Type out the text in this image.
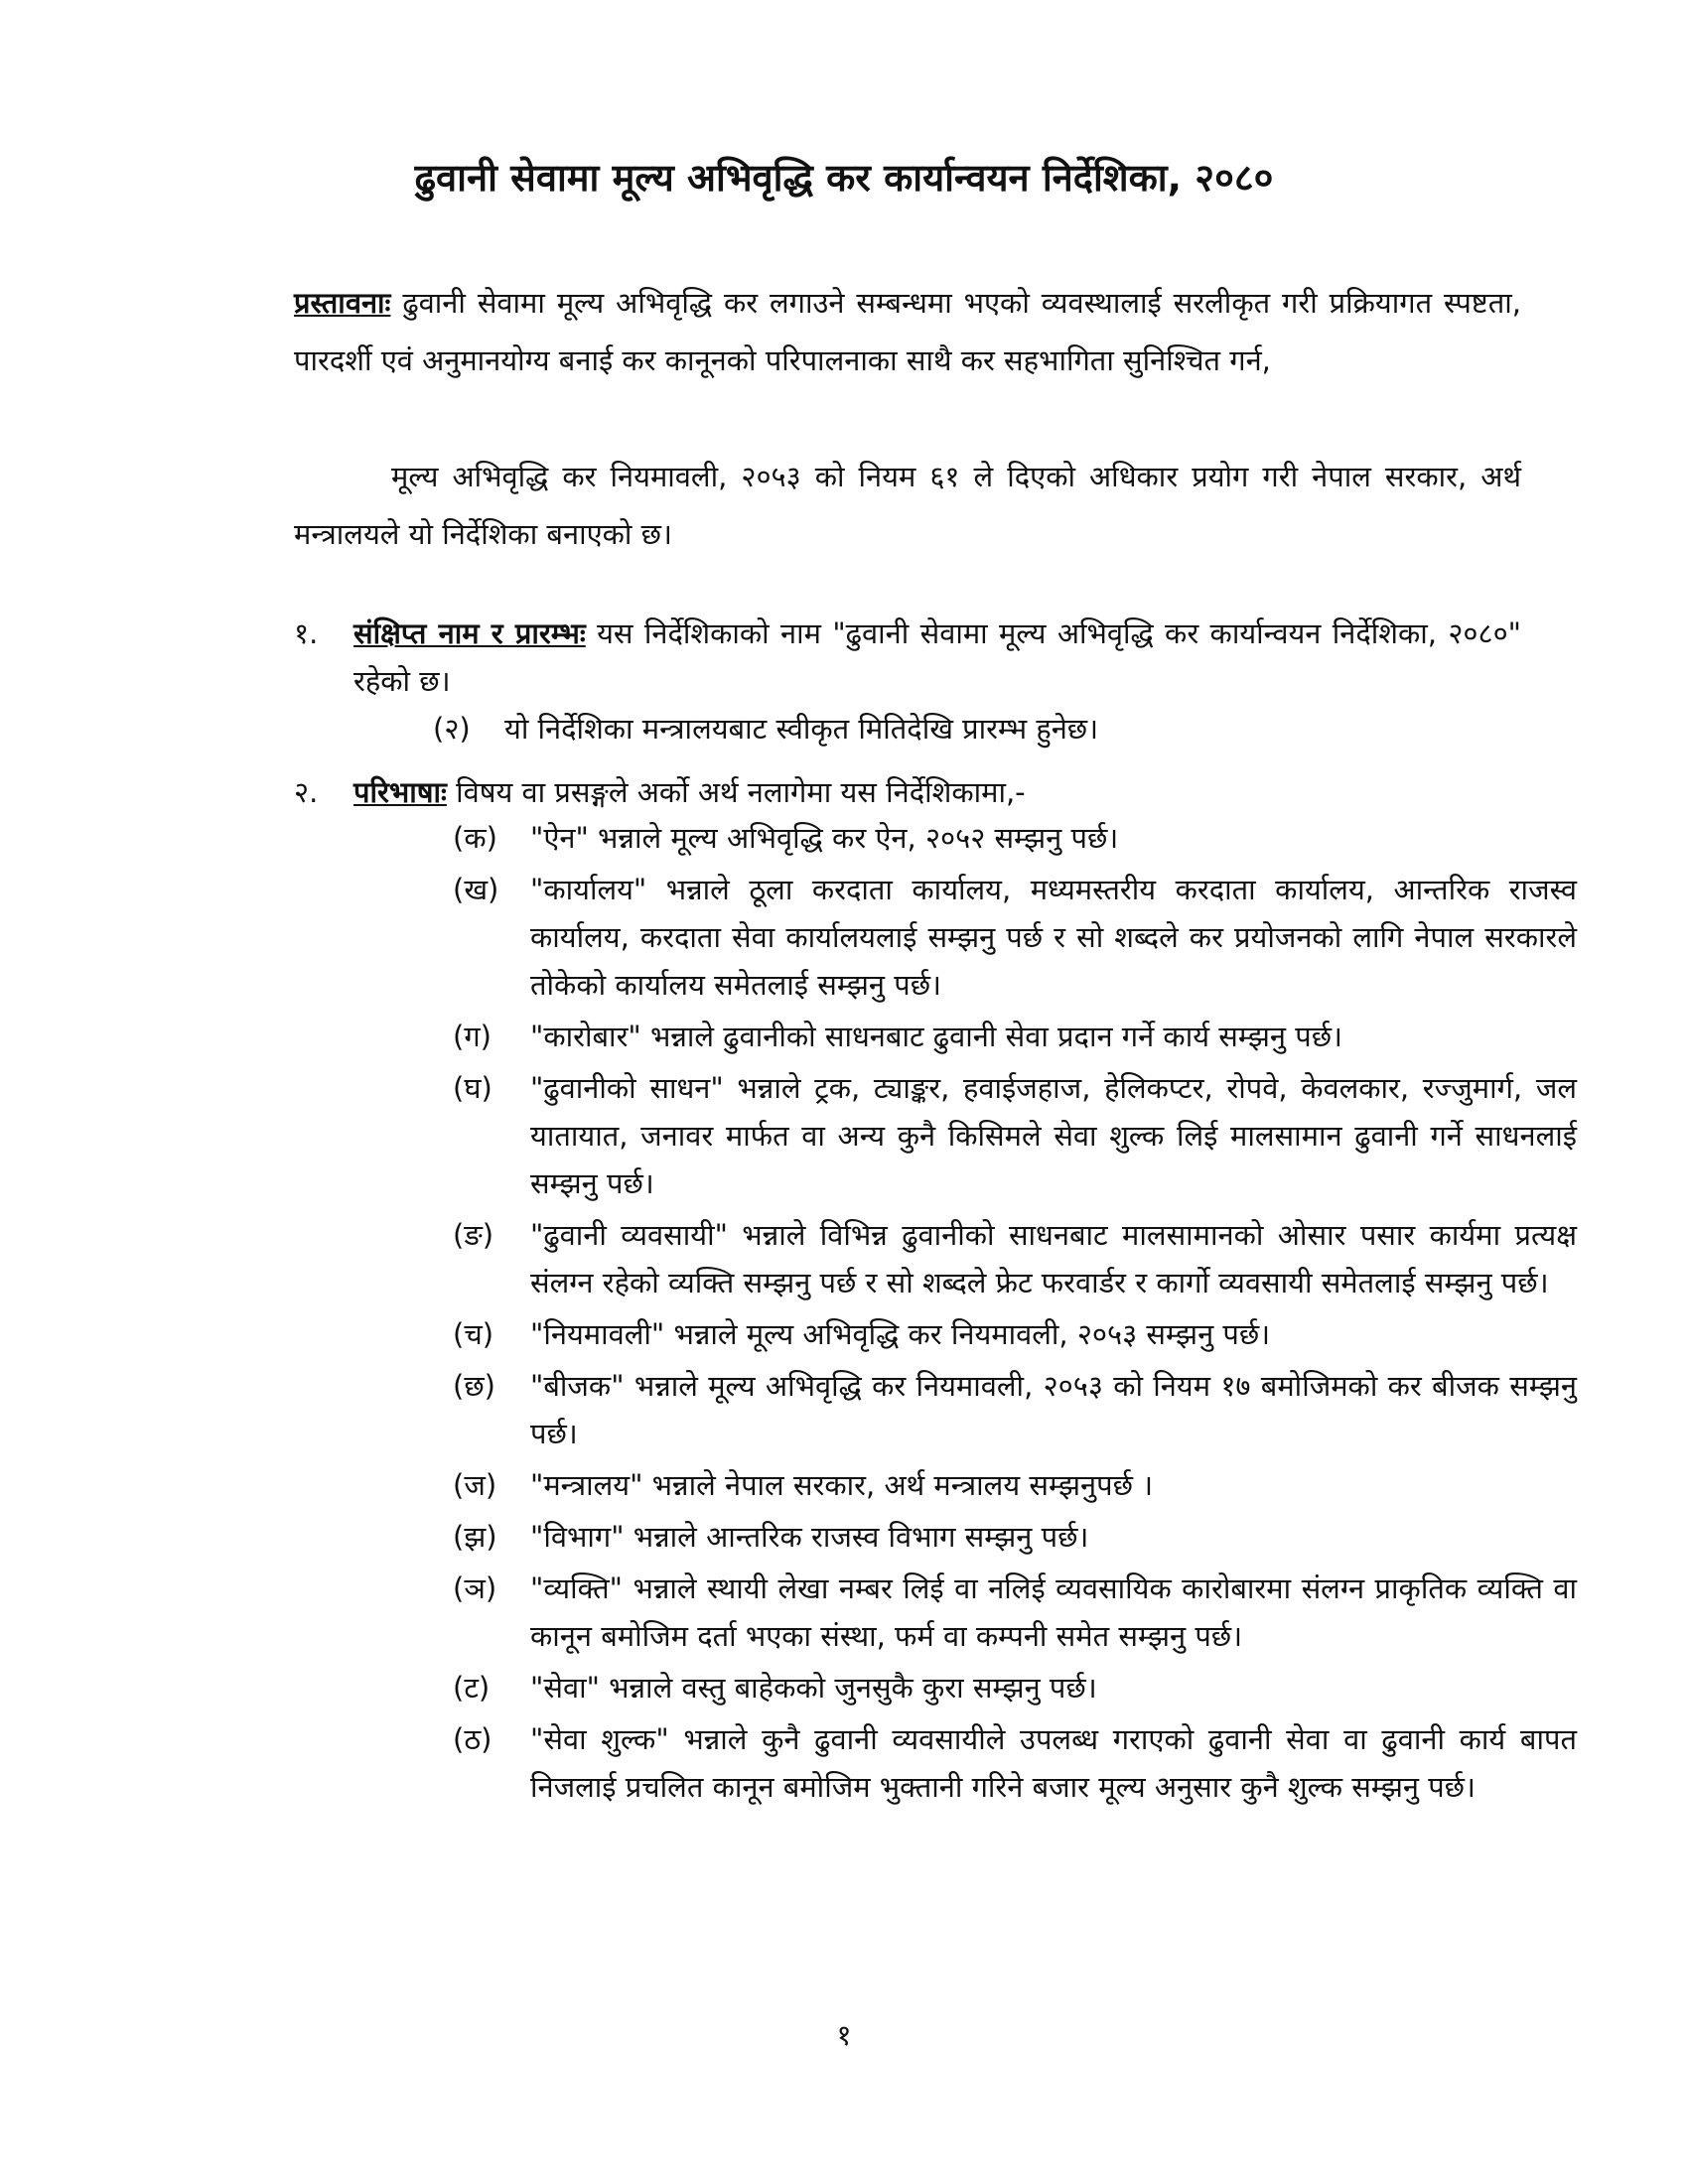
ढुवानी सेवामा मूल्य अभिवृद्धि कर कार्यान्वयन निर्देशिका, २०८०
प्रस्तावनाः ढुवानी सेवामा मूल्य अभिवृद्धि कर लगाउने सम्बन्धमा भएको व्यवस्थालाई सरलीकृत गरी प्रक्रियागत स्पष्टता, पारदर्शी एवं अनुमानयोग्य बनाई कर कानूनको परिपालनाका साथै कर सहभागिता सुनिश्चित गर्न,
मूल्य अभिवृद्धि कर नियमावली, २०५३ को नियम ६१ ले दिएको अधिकार प्रयोग गरी नेपाल सरकार, अर्थ मन्त्रालयले यो निर्देशिका बनाएको छ।
१. संक्षिप्त नाम र प्रारम्भः यस निर्देशिकाको नाम "ढुवानी सेवामा मूल्य अभिवृद्धि कर कार्यान्वयन निर्देशिका, २०८०" रहेको छ।
(२) यो निर्देशिका मन्त्रालयबाट स्वीकृत मितिदेखि प्रारम्भ हुनेछ।
२. परिभाषाः विषय वा प्रसङ्गले अर्को अर्थ नलागेमा यस निर्देशिकामा,-
(क) "ऐन" भन्नाले मूल्य अभिवृद्धि कर ऐन, २०५२ सम्झनु पर्छ।
(ख) "कार्यालय" भन्नाले ठूला करदाता कार्यालय, मध्यमस्तरीय करदाता कार्यालय, आन्तरिक राजस्व कार्यालय, करदाता सेवा कार्यालयलाई सम्झनु पर्छ र सो शब्दले कर प्रयोजनको लागि नेपाल सरकारले तोकेको कार्यालय समेतलाई सम्झनु पर्छ।
(ग) "कारोबार" भन्नाले ढुवानीको साधनबाट ढुवानी सेवा प्रदान गर्ने कार्य सम्झनु पर्छ।
(घ) "ढुवानीको साधन" भन्नाले ट्रक, ट्याङ्कर, हवाईजहाज, हेलिकप्टर, रोपवे, केवलकार, रज्जुमार्ग, जल यातायात, जनावर मार्फत वा अन्य कुनै किसिमले सेवा शुल्क लिई मालसामान ढुवानी गर्ने साधनलाई सम्झनु पर्छ।
(ङ) "ढुवानी व्यवसायी" भन्नाले विभिन्न ढुवानीको साधनबाट मालसामानको ओसार पसार कार्यमा प्रत्यक्ष संलग्न रहेको व्यक्ति सम्झनु पर्छ र सो शब्दले फ्रेट फरवार्डर र कार्गो व्यवसायी समेतलाई सम्झनु पर्छ।
(च) "नियमावली" भन्नाले मूल्य अभिवृद्धि कर नियमावली, २०५३ सम्झनु पर्छ।
(छ) "बीजक" भन्नाले मूल्य अभिवृद्धि कर नियमावली, २०५३ को नियम १७ बमोजिमको कर बीजक सम्झनु पर्छ।
(ज) "मन्त्रालय" भन्नाले नेपाल सरकार, अर्थ मन्त्रालय सम्झनुपर्छ ।
(झ) "विभाग" भन्नाले आन्तरिक राजस्व विभाग सम्झनु पर्छ।
(ञ) "व्यक्ति" भन्नाले स्थायी लेखा नम्बर लिई वा नलिई व्यवसायिक कारोबारमा संलग्न प्राकृतिक व्यक्ति वा कानून बमोजिम दर्ता भएका संस्था, फर्म वा कम्पनी समेत सम्झनु पर्छ।
(ट) "सेवा" भन्नाले वस्तु बाहेकको जुनसुकै कुरा सम्झनु पर्छ।
(ठ) "सेवा शुल्क" भन्नाले कुनै ढुवानी व्यवसायीले उपलब्ध गराएको ढुवानी सेवा वा ढुवानी कार्य बापत निजलाई प्रचलित कानून बमोजिम भुक्तानी गरिने बजार मूल्य अनुसार कुनै शुल्क सम्झनु पर्छ।
१
